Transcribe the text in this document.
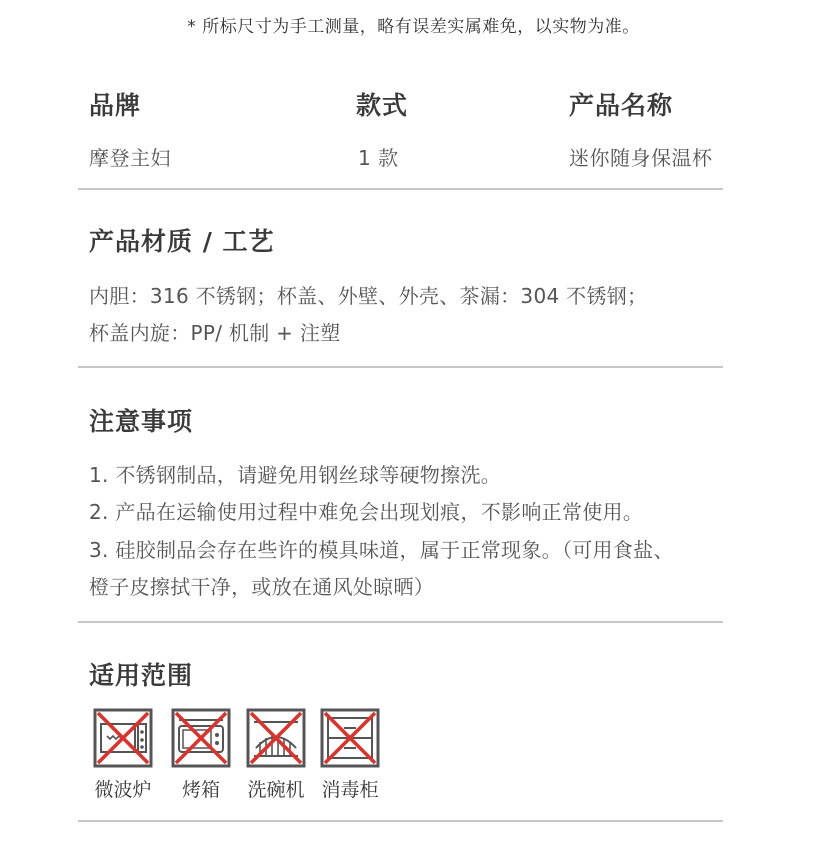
* 所标尺寸为手工测量，略有误差实属难免，以实物为准。
品牌
摩登主妇
款式
1 款
产品名称
迷你随身保温杯
产品材质 / 工艺
内胆：316 不锈钢；杯盖、外壁、外壳、茶漏：304 不锈钢；
杯盖内旋：PP/ 机制 + 注塑
注意事项
1. 不锈钢制品，请避免用钢丝球等硬物擦洗。
2. 产品在运输使用过程中难免会出现划痕，不影响正常使用。
3. 硅胶制品会存在些许的模具味道，属于正常现象。（可用食盐、
橙子皮擦拭干净，或放在通风处晾晒）
适用范围
微波炉	烤箱	洗碗机 消毒柜
